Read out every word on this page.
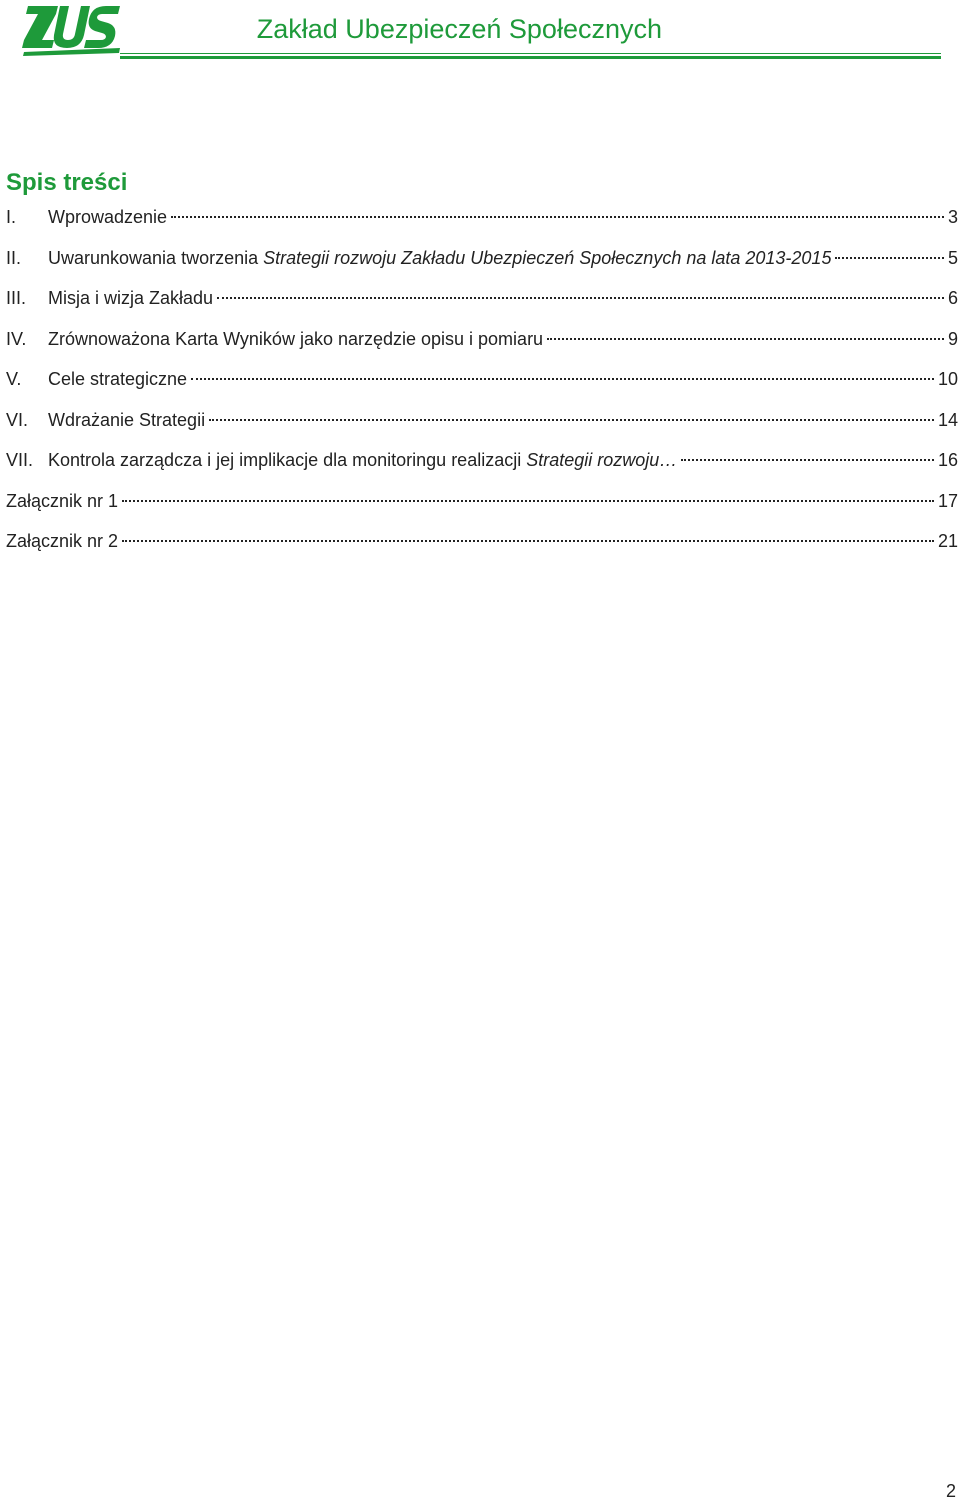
Zakład Ubezpieczeń Społecznych
Spis treści
I.	Wprowadzenie	3
II.	Uwarunkowania tworzenia Strategii rozwoju Zakładu Ubezpieczeń Społecznych na lata 2013-2015	5
III.	Misja i wizja Zakładu	6
IV.	Zrównoważona Karta Wyników jako narzędzie opisu i pomiaru	9
V.	Cele strategiczne	10
VI.	Wdrażanie Strategii	14
VII. Kontrola zarządcza i jej implikacje dla monitoringu realizacji Strategii rozwoju…	16
Załącznik nr 1	17
Załącznik nr 2	21
2
